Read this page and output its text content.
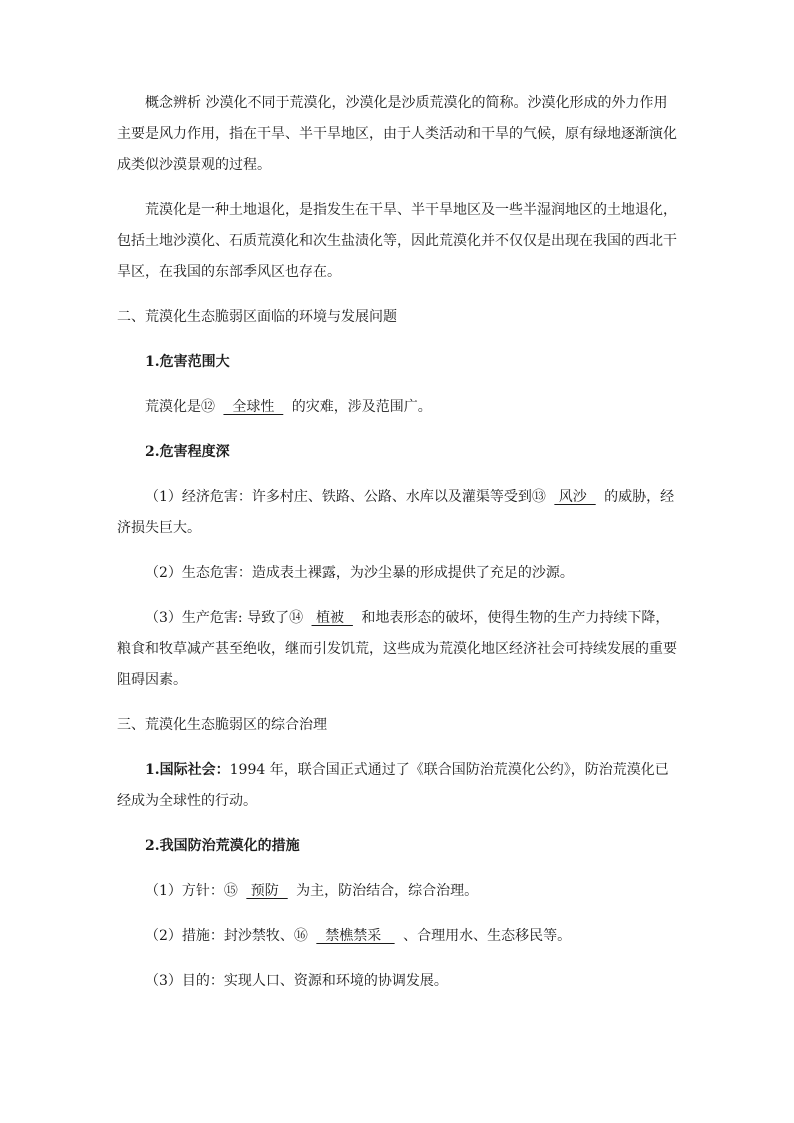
概念辨析 沙漠化不同于荒漠化，沙漠化是沙质荒漠化的简称。沙漠化形成的外力作用主要是风力作用，指在干旱、半干旱地区，由于人类活动和干旱的气候，原有绿地逐渐演化成类似沙漠景观的过程。

荒漠化是一种土地退化，是指发生在干旱、半干旱地区及一些半湿润地区的土地退化，包括土地沙漠化、石质荒漠化和次生盐渍化等，因此荒漠化并不仅仅是出现在我国的西北干旱区，在我国的东部季风区也存在。

二、荒漠化生态脆弱区面临的环境与发展问题

1.危害范围大

荒漠化是⑫   全球性   的灾难，涉及范围广。

2.危害程度深

（1）经济危害：许多村庄、铁路、公路、水库以及灌渠等受到⑬  风沙   的威胁，经济损失巨大。

（2）生态危害：造成表土裸露，为沙尘暴的形成提供了充足的沙源。

（3）生产危害: 导致了⑭  植被   和地表形态的破坏，使得生物的生产力持续下降，粮食和牧草减产甚至绝收，继而引发饥荒，这些成为荒漠化地区经济社会可持续发展的重要阻碍因素。

三、荒漠化生态脆弱区的综合治理

1.国际社会：1994 年，联合国正式通过了《联合国防治荒漠化公约》，防治荒漠化已经成为全球性的行动。

2.我国防治荒漠化的措施

（1）方针：⑮  预防   为主，防治结合，综合治理。

（2）措施：封沙禁牧、⑯   禁樵禁采    、合理用水、生态移民等。

（3）目的：实现人口、资源和环境的协调发展。
